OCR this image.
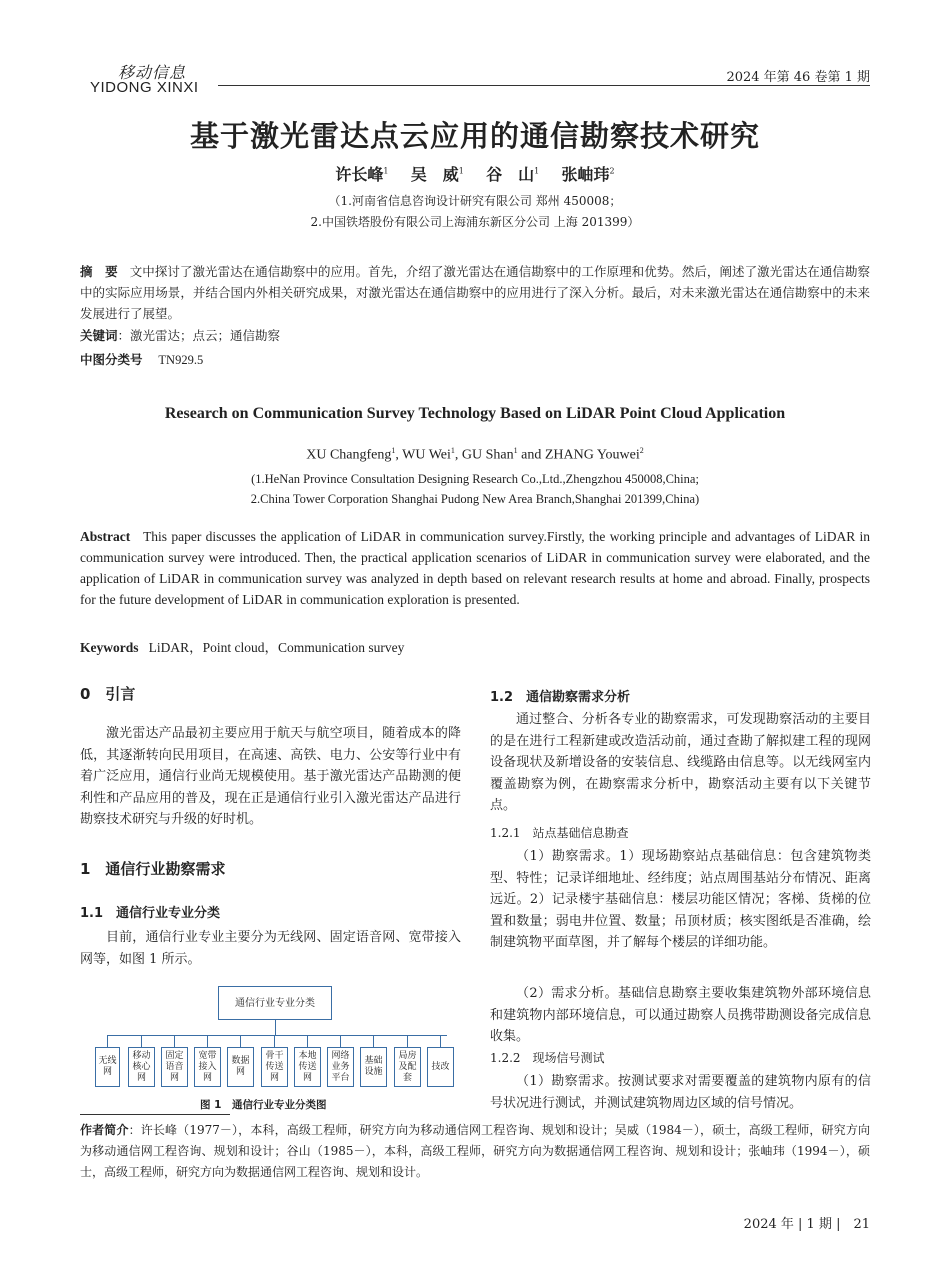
移动信息
YIDONG XINXI
2024 年第 46 卷第 1 期
基于激光雷达点云应用的通信勘察技术研究
许长峰$^1$ 吴　威$^1$ 谷　山$^1$ 张岫玮$^2$
（1.河南省信息咨询设计研究有限公司 郑州 450008；
2.中国铁塔股份有限公司上海浦东新区分公司 上海 201399）
摘　要 文中探讨了激光雷达在通信勘察中的应用。首先，介绍了激光雷达在通信勘察中的工作原理和优势。然后，阐述了激光雷达在通信勘察中的实际应用场景，并结合国内外相关研究成果，对激光雷达在通信勘察中的应用进行了深入分析。最后，对未来激光雷达在通信勘察中的未来发展进行了展望。
关键词：激光雷达；点云；通信勘察
中图分类号 TN929.5
Research on Communication Survey Technology Based on LiDAR Point Cloud Application
XU Changfeng$^1$, WU Wei$^1$, GU Shan$^1$ and ZHANG Youwei$^2$
(1.HeNan Province Consultation Designing Research Co.,Ltd.,Zhengzhou 450008,China;
2.China Tower Corporation Shanghai Pudong New Area Branch,Shanghai 201399,China)
Abstract This paper discusses the application of LiDAR in communication survey.Firstly, the working principle and advantages of LiDAR in communication survey were introduced. Then, the practical application scenarios of LiDAR in communication survey were elaborated, and the application of LiDAR in communication survey was analyzed in depth based on relevant research results at home and abroad. Finally, prospects for the future development of LiDAR in communication exploration is presented.
Keywords LiDAR，Point cloud，Communication survey
0　引言
激光雷达产品最初主要应用于航天与航空项目，随着成本的降低，其逐渐转向民用项目，在高速、高铁、电力、公安等行业中有着广泛应用，通信行业尚无规模使用。基于激光雷达产品勘测的便利性和产品应用的普及，现在正是通信行业引入激光雷达产品进行勘察技术研究与升级的好时机。
1　通信行业勘察需求
1.1　通信行业专业分类
目前，通信行业专业主要分为无线网、固定语音网、宽带接入网等，如图 1 所示。
通信行业专业分类
无线网
移动核心网
固定语音网
宽带接入网
数据网
骨干传送网
本地传送网
网络业务平台
基础设施
局房及配套
技改
图 1　通信行业专业分类图
1.2　通信勘察需求分析
通过整合、分析各专业的勘察需求，可发现勘察活动的主要目的是在进行工程新建或改造活动前，通过查勘了解拟建工程的现网设备现状及新增设备的安装信息、线缆路由信息等。以无线网室内覆盖勘察为例，在勘察需求分析中，勘察活动主要有以下关键节点。
1.2.1　站点基础信息勘查
（1）勘察需求。1）现场勘察站点基础信息：包含建筑物类型、特性；记录详细地址、经纬度；站点周围基站分布情况、距离远近。2）记录楼宇基础信息：楼层功能区情况；客梯、货梯的位置和数量；弱电井位置、数量；吊顶材质；核实图纸是否准确，绘制建筑物平面草图，并了解每个楼层的详细功能。
（2）需求分析。基础信息勘察主要收集建筑物外部环境信息和建筑物内部环境信息，可以通过勘察人员携带勘测设备完成信息收集。
1.2.2　现场信号测试
（1）勘察需求。按测试要求对需要覆盖的建筑物内原有的信号状况进行测试，并测试建筑物周边区域的信号情况。
作者简介：许长峰（1977－），本科，高级工程师，研究方向为移动通信网工程咨询、规划和设计；吴威（1984－），硕士，高级工程师，研究方向为移动通信网工程咨询、规划和设计；谷山（1985－），本科，高级工程师，研究方向为数据通信网工程咨询、规划和设计；张岫玮（1994－），硕士，高级工程师，研究方向为数据通信网工程咨询、规划和设计。
2024 年 | 1 期 |　21
